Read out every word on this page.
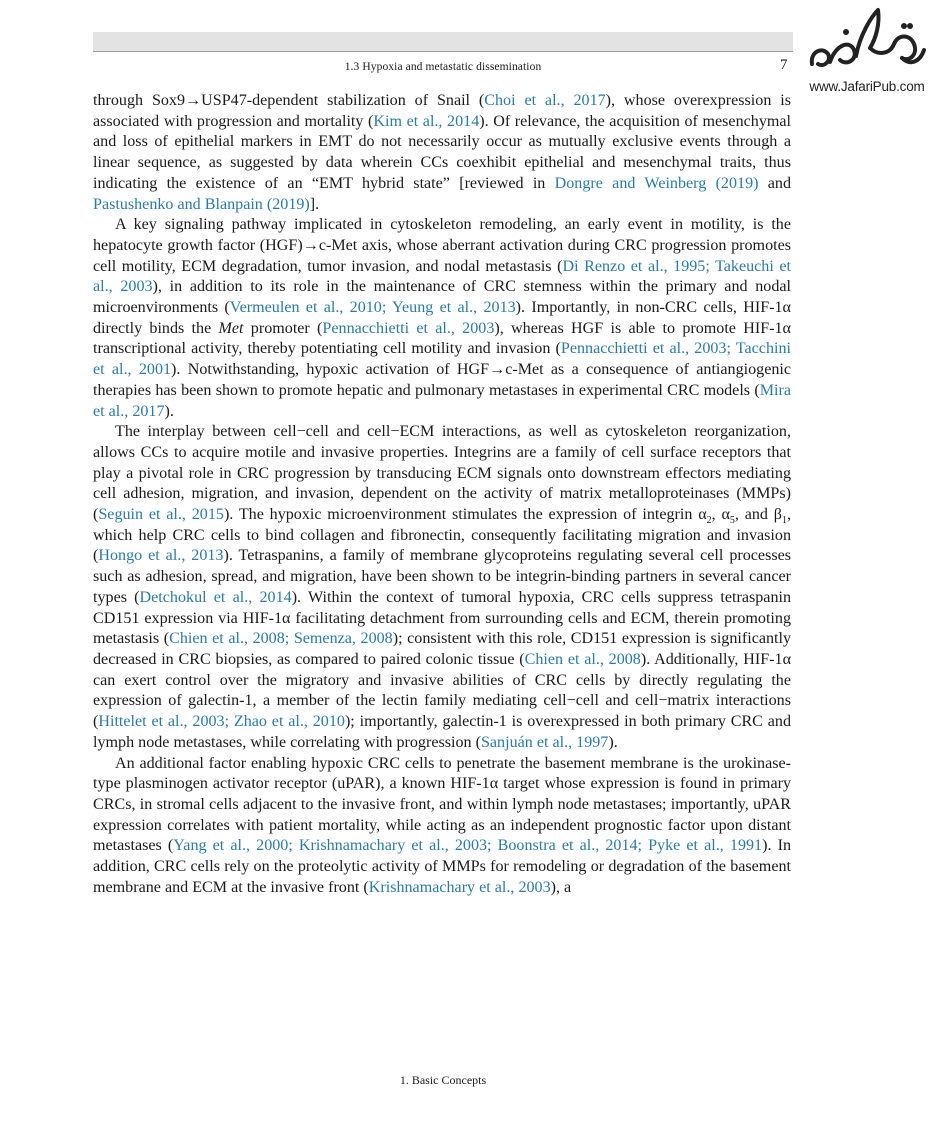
1.3 Hypoxia and metastatic dissemination	7
www.JafariPub.com

through Sox9→USP47-dependent stabilization of Snail (Choi et al., 2017), whose overexpression is associated with progression and mortality (Kim et al., 2014). Of relevance, the acquisition of mesenchymal and loss of epithelial markers in EMT do not necessarily occur as mutually exclusive events through a linear sequence, as suggested by data wherein CCs coexhibit epithelial and mesenchymal traits, thus indicating the existence of an “EMT hybrid state” [reviewed in Dongre and Weinberg (2019) and Pastushenko and Blanpain (2019)].

A key signaling pathway implicated in cytoskeleton remodeling, an early event in motility, is the hepatocyte growth factor (HGF)→c-Met axis, whose aberrant activation during CRC progression promotes cell motility, ECM degradation, tumor invasion, and nodal metastasis (Di Renzo et al., 1995; Takeuchi et al., 2003), in addition to its role in the maintenance of CRC stemness within the primary and nodal microenvironments (Vermeulen et al., 2010; Yeung et al., 2013). Importantly, in non-CRC cells, HIF-1α directly binds the Met promoter (Pennacchietti et al., 2003), whereas HGF is able to promote HIF-1α transcriptional activity, thereby potentiating cell motility and invasion (Pennacchietti et al., 2003; Tacchini et al., 2001). Notwithstanding, hypoxic activation of HGF→c-Met as a consequence of antiangiogenic therapies has been shown to promote hepatic and pulmonary metastases in experimental CRC models (Mira et al., 2017).

The interplay between cell−cell and cell−ECM interactions, as well as cytoskeleton reorganization, allows CCs to acquire motile and invasive properties. Integrins are a family of cell surface receptors that play a pivotal role in CRC progression by transducing ECM signals onto downstream effectors mediating cell adhesion, migration, and invasion, dependent on the activity of matrix metalloproteinases (MMPs) (Seguin et al., 2015). The hypoxic microenvironment stimulates the expression of integrin $\alpha_2$, $\alpha_5$, and $\beta_1$, which help CRC cells to bind collagen and fibronectin, consequently facilitating migration and invasion (Hongo et al., 2013). Tetraspanins, a family of membrane glycoproteins regulating several cell processes such as adhesion, spread, and migration, have been shown to be integrin-binding partners in several cancer types (Detchokul et al., 2014). Within the context of tumoral hypoxia, CRC cells suppress tetraspanin CD151 expression via HIF-1α facilitating detachment from surrounding cells and ECM, therein promoting metastasis (Chien et al., 2008; Semenza, 2008); consistent with this role, CD151 expression is significantly decreased in CRC biopsies, as compared to paired colonic tissue (Chien et al., 2008). Additionally, HIF-1α can exert control over the migratory and invasive abilities of CRC cells by directly regulating the expression of galectin-1, a member of the lectin family mediating cell−cell and cell−matrix interactions (Hittelet et al., 2003; Zhao et al., 2010); importantly, galectin-1 is overexpressed in both primary CRC and lymph node metastases, while correlating with progression (Sanjuán et al., 1997).

An additional factor enabling hypoxic CRC cells to penetrate the basement membrane is the urokinase-type plasminogen activator receptor (uPAR), a known HIF-1α target whose expression is found in primary CRCs, in stromal cells adjacent to the invasive front, and within lymph node metastases; importantly, uPAR expression correlates with patient mortality, while acting as an independent prognostic factor upon distant metastases (Yang et al., 2000; Krishnamachary et al., 2003; Boonstra et al., 2014; Pyke et al., 1991). In addition, CRC cells rely on the proteolytic activity of MMPs for remodeling or degradation of the basement membrane and ECM at the invasive front (Krishnamachary et al., 2003), a

1. Basic Concepts
